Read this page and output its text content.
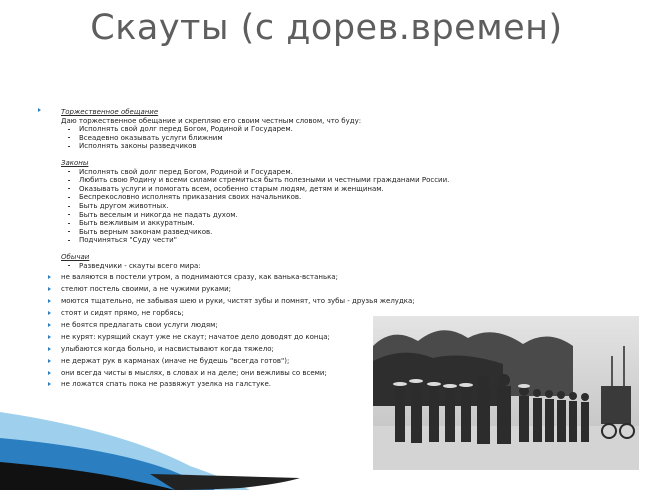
Скауты (с дорев.времен)
Торжественное обещание
Даю торжественное обещание и скрепляю его своим честным словом, что буду:
Исполнять свой долг перед Богом, Родиной и Государем.
Всеадевно оказывать услуги ближним
Исполнять законы разведчиков
Законы
Исполнять свой долг перед Богом, Родиной и Государем.
Любить свою Родину и всеми силами стремиться быть полезными и честными гражданами России.
Оказывать услуги и помогать всем, особенно старым людям, детям и женщинам.
Беспрекословно исполнять приказания своих начальников.
Быть другом животных.
Быть веселым и никогда не падать духом.
Быть вежливым и аккуратным.
Быть верным законам разведчиков.
Подчиняться "Суду чести"
Обычаи
Разведчики - скауты всего мира:
не валяются в постели утром, а поднимаются сразу, как ванька-встанька;
стелют постель своими, а не чужими руками;
моются тщательно, не забывая шею и руки, чистят зубы и помнят, что зубы - друзья желудка;
стоят и сидят прямо, не горбясь;
не боятся предлагать свои услуги людям;
не курят: курящий скаут уже не скаут; начатое дело доводят до конца;
улыбаются когда больно, и насвистывают когда тяжело;
не держат рук в карманах (иначе не будешь "всегда готов");
они всегда чисты в мыслях, в словах и на деле; они вежливы со всеми;
не ложатся спать пока не развяжут узелка на галстуке.
